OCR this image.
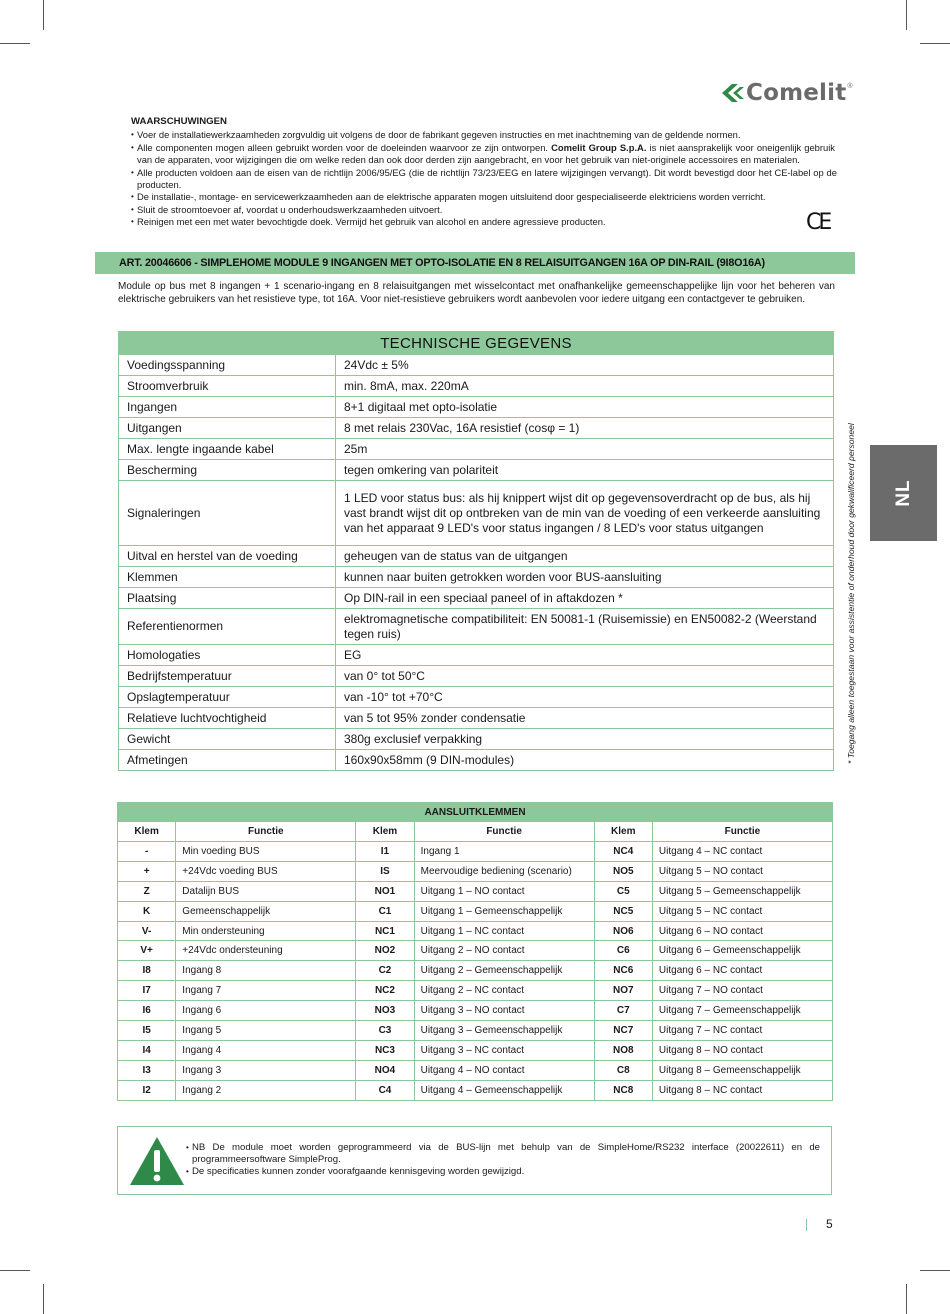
Comelit ®
WAARSCHUWINGEN
• Voer de installatiewerkzaamheden zorgvuldig uit volgens de door de fabrikant gegeven instructies en met inachtneming van de geldende normen.
• Alle componenten mogen alleen gebruikt worden voor de doeleinden waarvoor ze zijn ontworpen. Comelit Group S.p.A. is niet aansprakelijk voor oneigenlijk gebruik van de apparaten, voor wijzigingen die om welke reden dan ook door derden zijn aangebracht, en voor het gebruik van niet-originele accessoires en materialen.
• Alle producten voldoen aan de eisen van de richtlijn 2006/95/EG (die de richtlijn 73/23/EEG en latere wijzigingen vervangt). Dit wordt bevestigd door het CE-label op de producten.
• De installatie-, montage- en servicewerkzaamheden aan de elektrische apparaten mogen uitsluitend door gespecialiseerde elektriciens worden verricht.
• Sluit de stroomtoevoer af, voordat u onderhoudswerkzaamheden uitvoert.
• Reinigen met een met water bevochtigde doek. Vermijd het gebruik van alcohol en andere agressieve producten.	CE
ART. 20046606 - SIMPLEHOME MODULE 9 INGANGEN MET OPTO-ISOLATIE EN 8 RELAISUITGANGEN 16A OP DIN-RAIL (9I8O16A)
Module op bus met 8 ingangen + 1 scenario-ingang en 8 relaisuitgangen met wisselcontact met onafhankelijke gemeenschappelijke lijn voor het beheren van elektrische gebruikers van het resistieve type, tot 16A. Voor niet-resistieve gebruikers wordt aanbevolen voor iedere uitgang een contactgever te gebruiken.
TECHNISCHE GEGEVENS	
Voedingsspanning	24Vdc ± 5%
Stroomverbruik	min. 8mA, max. 220mA
Ingangen	8+1 digitaal met opto-isolatie
Uitgangen	8 met relais 230Vac, 16A resistief (cosφ = 1)
Max. lengte ingaande kabel	25m
Bescherming	tegen omkering van polariteit
Signaleringen	1 LED voor status bus: als hij knippert wijst dit op gegevensoverdracht op de bus, als hij vast brandt wijst dit op ontbreken van de min van de voeding of een verkeerde aansluiting van het apparaat 9 LED's voor status ingangen / 8 LED's voor status uitgangen
Uitval en herstel van de voeding	geheugen van de status van de uitgangen
Klemmen	kunnen naar buiten getrokken worden voor BUS-aansluiting
Plaatsing	Op DIN-rail in een speciaal paneel of in aftakdozen *
Referentienormen	elektromagnetische compatibiliteit: EN 50081-1 (Ruisemissie) en EN50082-2 (Weerstand tegen ruis)
Homologaties	EG
Bedrijfstemperatuur	van 0° tot 50°C
Opslagtemperatuur	van -10° tot +70°C
Relatieve luchtvochtigheid	van 5 tot 95% zonder condensatie
Gewicht	380g exclusief verpakking
Afmetingen	160x90x58mm (9 DIN-modules)	* Toegang alleen toegestaan voor assistentie of onderhoud door gekwalificeerd personeel NL
AANSLUITKLEMMEN					
Klem	Functie	Klem	Functie	Klem	Functie
-	Min voeding BUS	I1	Ingang 1	NC4	Uitgang 4 – NC contact
+	+24Vdc voeding BUS	IS	Meervoudige bediening (scenario)	NO5	Uitgang 5 – NO contact
Z	Datalijn BUS	NO1	Uitgang 1 – NO contact	C5	Uitgang 5 – Gemeenschappelijk
K	Gemeenschappelijk	C1	Uitgang 1 – Gemeenschappelijk	NC5	Uitgang 5 – NC contact
V-	Min ondersteuning	NC1	Uitgang 1 – NC contact	NO6	Uitgang 6 – NO contact
V+	+24Vdc ondersteuning	NO2	Uitgang 2 – NO contact	C6	Uitgang 6 – Gemeenschappelijk
I8	Ingang 8	C2	Uitgang 2 – Gemeenschappelijk	NC6	Uitgang 6 – NC contact
I7	Ingang 7	NC2	Uitgang 2 – NC contact	NO7	Uitgang 7 – NO contact
I6	Ingang 6	NO3	Uitgang 3 – NO contact	C7	Uitgang 7 – Gemeenschappelijk
I5	Ingang 5	C3	Uitgang 3 – Gemeenschappelijk	NC7	Uitgang 7 – NC contact
I4	Ingang 4	NC3	Uitgang 3 – NC contact	NO8	Uitgang 8 – NO contact
I3	Ingang 3	NO4	Uitgang 4 – NO contact	C8	Uitgang 8 – Gemeenschappelijk
I2	Ingang 2	C4	Uitgang 4 – Gemeenschappelijk	NC8	Uitgang 8 – NC contact
• NB De module moet worden geprogrammeerd via de BUS-lijn met behulp van de SimpleHome/RS232 interface (20022611) en de programmeersoftware SimpleProg.
• De specificaties kunnen zonder voorafgaande kennisgeving worden gewijzigd.
5
